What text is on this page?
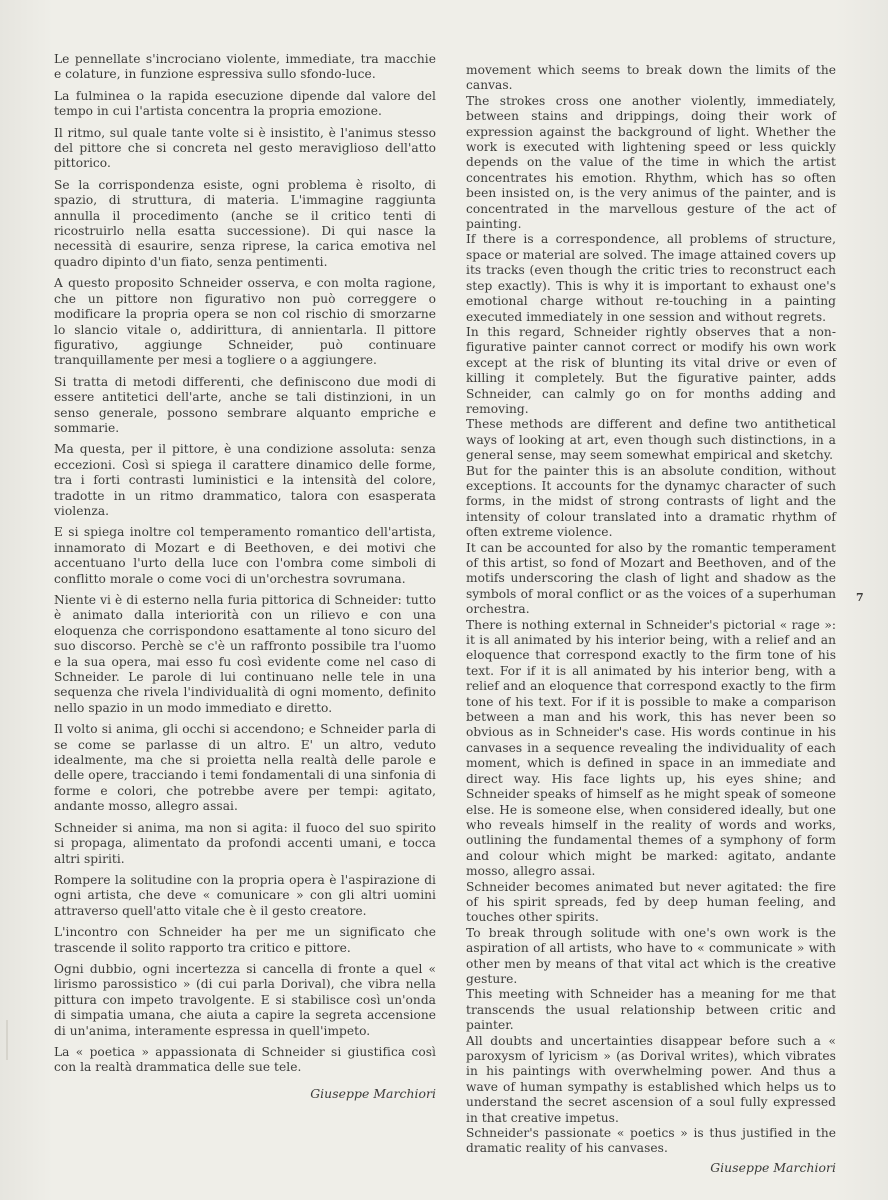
Le pennellate s'incrociano violente, immediate, tra macchie e colature, in funzione espressiva sullo sfondo-luce.

La fulminea o la rapida esecuzione dipende dal valore del tempo in cui l'artista concentra la propria emozione.

Il ritmo, sul quale tante volte si è insistito, è l'animus stesso del pittore che si concreta nel gesto meraviglioso dell'atto pittorico.

Se la corrispondenza esiste, ogni problema è risolto, di spazio, di struttura, di materia. L'immagine raggiunta annulla il procedimento (anche se il critico tenti di ricostruirlo nella esatta successione). Di qui nasce la necessità di esaurire, senza riprese, la carica emotiva nel quadro dipinto d'un fiato, senza pentimenti.

A questo proposito Schneider osserva, e con molta ragione, che un pittore non figurativo non può correggere o modificare la propria opera se non col rischio di smorzarne lo slancio vitale o, addirittura, di annientarla. Il pittore figurativo, aggiunge Schneider, può continuare tranquillamente per mesi a togliere o a aggiungere.

Si tratta di metodi differenti, che definiscono due modi di essere antitetici dell'arte, anche se tali distinzioni, in un senso generale, possono sembrare alquanto empriche e sommarie.

Ma questa, per il pittore, è una condizione assoluta: senza eccezioni. Così si spiega il carattere dinamico delle forme, tra i forti contrasti luministici e la intensità del colore, tradotte in un ritmo drammatico, talora con esasperata violenza.

E si spiega inoltre col temperamento romantico dell'artista, innamorato di Mozart e di Beethoven, e dei motivi che accentuano l'urto della luce con l'ombra come simboli di conflitto morale o come voci di un'orchestra sovrumana.

Niente vi è di esterno nella furia pittorica di Schneider: tutto è animato dalla interiorità con un rilievo e con una eloquenza che corrispondono esattamente al tono sicuro del suo discorso. Perchè se c'è un raffronto possibile tra l'uomo e la sua opera, mai esso fu così evidente come nel caso di Schneider. Le parole di lui continuano nelle tele in una sequenza che rivela l'individualità di ogni momento, definito nello spazio in un modo immediato e diretto.

Il volto si anima, gli occhi si accendono; e Schneider parla di se come se parlasse di un altro. E' un altro, veduto idealmente, ma che si proietta nella realtà delle parole e delle opere, tracciando i temi fondamentali di una sinfonia di forme e colori, che potrebbe avere per tempi: agitato, andante mosso, allegro assai.

Schneider si anima, ma non si agita: il fuoco del suo spirito si propaga, alimentato da profondi accenti umani, e tocca altri spiriti.

Rompere la solitudine con la propria opera è l'aspirazione di ogni artista, che deve « comunicare » con gli altri uomini attraverso quell'atto vitale che è il gesto creatore.

L'incontro con Schneider ha per me un significato che trascende il solito rapporto tra critico e pittore.

Ogni dubbio, ogni incertezza si cancella di fronte a quel « lirismo parossistico » (di cui parla Dorival), che vibra nella pittura con impeto travolgente. E si stabilisce così un'onda di simpatia umana, che aiuta a capire la segreta accensione di un'anima, interamente espressa in quell'impeto.

La « poetica » appassionata di Schneider si giustifica così con la realtà drammatica delle sue tele.

Giuseppe Marchiori

movement which seems to break down the limits of the canvas.

The strokes cross one another violently, immediately, between stains and drippings, doing their work of expression against the background of light. Whether the work is executed with lightening speed or less quickly depends on the value of the time in which the artist concentrates his emotion. Rhythm, which has so often been insisted on, is the very animus of the painter, and is concentrated in the marvellous gesture of the act of painting.

If there is a correspondence, all problems of structure, space or material are solved. The image attained covers up its tracks (even though the critic tries to reconstruct each step exactly). This is why it is important to exhaust one's emotional charge without re-touching in a painting executed immediately in one session and without regrets.

In this regard, Schneider rightly observes that a non-figurative painter cannot correct or modify his own work except at the risk of blunting its vital drive or even of killing it completely. But the figurative painter, adds Schneider, can calmly go on for months adding and removing.

These methods are different and define two antithetical ways of looking at art, even though such distinctions, in a general sense, may seem somewhat empirical and sketchy.

But for the painter this is an absolute condition, without exceptions. It accounts for the dynamyc character of such forms, in the midst of strong contrasts of light and the intensity of colour translated into a dramatic rhythm of often extreme violence.

It can be accounted for also by the romantic temperament of this artist, so fond of Mozart and Beethoven, and of the motifs underscoring the clash of light and shadow as the symbols of moral conflict or as the voices of a superhuman orchestra.

There is nothing external in Schneider's pictorial « rage »: it is all animated by his interior being, with a relief and an eloquence that correspond exactly to the firm tone of his text. For if it is all animated by his interior beng, with a relief and an eloquence that correspond exactly to the firm tone of his text. For if it is possible to make a comparison between a man and his work, this has never been so obvious as in Schneider's case. His words continue in his canvases in a sequence revealing the individuality of each moment, which is defined in space in an immediate and direct way. His face lights up, his eyes shine; and Schneider speaks of himself as he might speak of someone else. He is someone else, when considered ideally, but one who reveals himself in the reality of words and works, outlining the fundamental themes of a symphony of form and colour which might be marked: agitato, andante mosso, allegro assai.

Schneider becomes animated but never agitated: the fire of his spirit spreads, fed by deep human feeling, and touches other spirits.

To break through solitude with one's own work is the aspiration of all artists, who have to « communicate » with other men by means of that vital act which is the creative gesture.

This meeting with Schneider has a meaning for me that transcends the usual relationship between critic and painter.

All doubts and uncertainties disappear before such a « paroxysm of lyricism » (as Dorival writes), which vibrates in his paintings with overwhelming power. And thus a wave of human sympathy is established which helps us to understand the secret ascension of a soul fully expressed in that creative impetus.

Schneider's passionate « poetics » is thus justified in the dramatic reality of his canvases.

Giuseppe Marchiori
7
